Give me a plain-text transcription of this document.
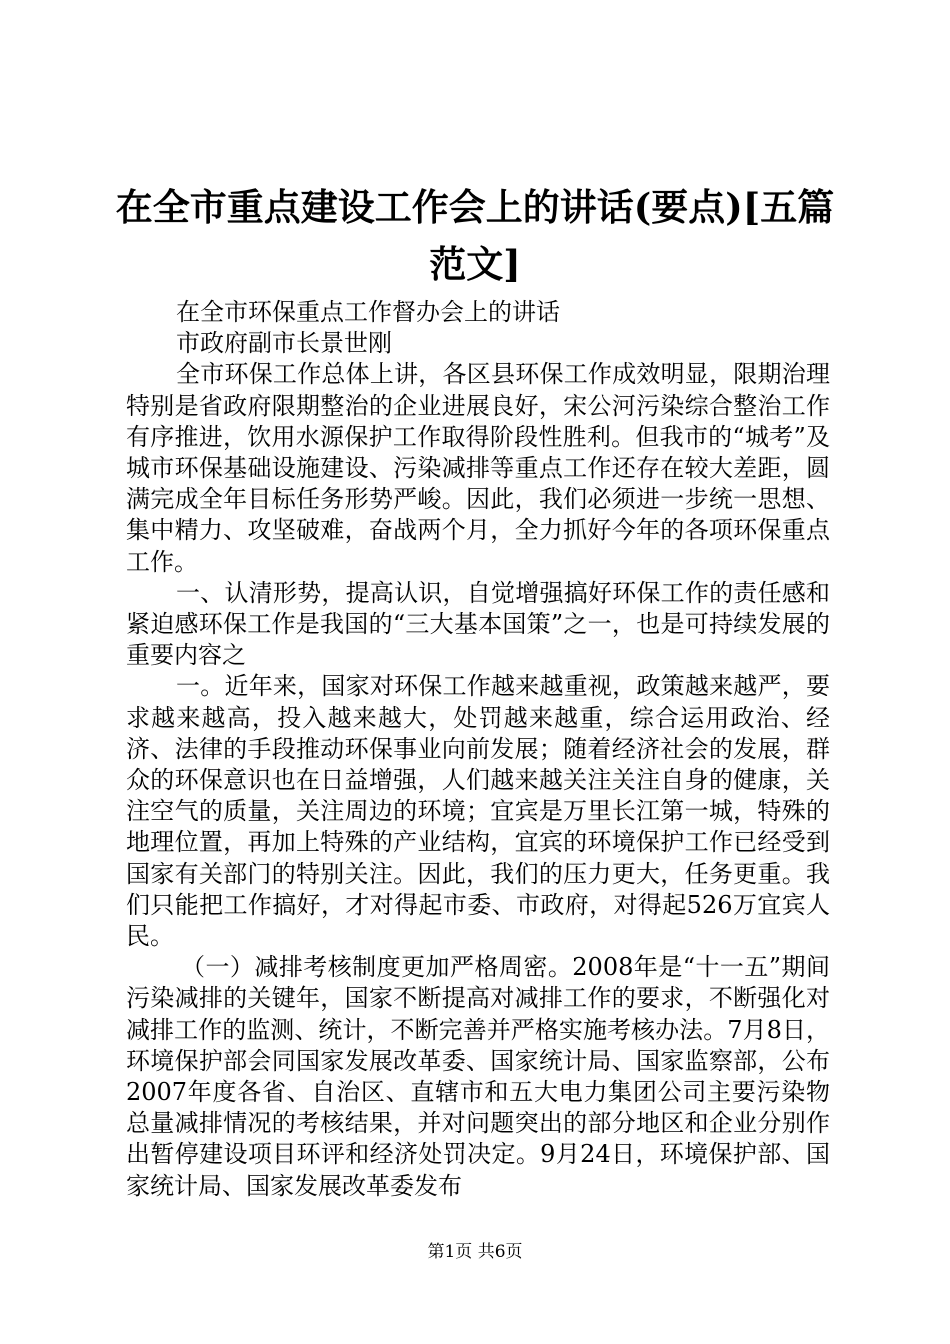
在全市重点建设工作会上的讲话(要点)[五篇
范文]

在全市环保重点工作督办会上的讲话

市政府副市长景世刚

全市环保工作总体上讲，各区县环保工作成效明显，限期治理特别是省政府限期整治的企业进展良好，宋公河污染综合整治工作有序推进，饮用水源保护工作取得阶段性胜利。但我市的“城考”及城市环保基础设施建设、污染减排等重点工作还存在较大差距，圆满完成全年目标任务形势严峻。因此，我们必须进一步统一思想、集中精力、攻坚破难，奋战两个月，全力抓好今年的各项环保重点工作。

一、认清形势，提高认识，自觉增强搞好环保工作的责任感和紧迫感环保工作是我国的“三大基本国策”之一，也是可持续发展的重要内容之

一。近年来，国家对环保工作越来越重视，政策越来越严，要求越来越高，投入越来越大，处罚越来越重，综合运用政治、经济、法律的手段推动环保事业向前发展；随着经济社会的发展，群众的环保意识也在日益增强，人们越来越关注关注自身的健康，关注空气的质量，关注周边的环境；宜宾是万里长江第一城，特殊的地理位置，再加上特殊的产业结构，宜宾的环境保护工作已经受到国家有关部门的特别关注。因此，我们的压力更大，任务更重。我们只能把工作搞好，才对得起市委、市政府，对得起526万宜宾人民。

（一）减排考核制度更加严格周密。2008年是“十一五”期间污染减排的关键年，国家不断提高对减排工作的要求，不断强化对减排工作的监测、统计，不断完善并严格实施考核办法。7月8日，环境保护部会同国家发展改革委、国家统计局、国家监察部，公布2007年度各省、自治区、直辖市和五大电力集团公司主要污染物总量减排情况的考核结果，并对问题突出的部分地区和企业分别作出暂停建设项目环评和经济处罚决定。9月24日，环境保护部、国家统计局、国家发展改革委发布

第1页 共6页
